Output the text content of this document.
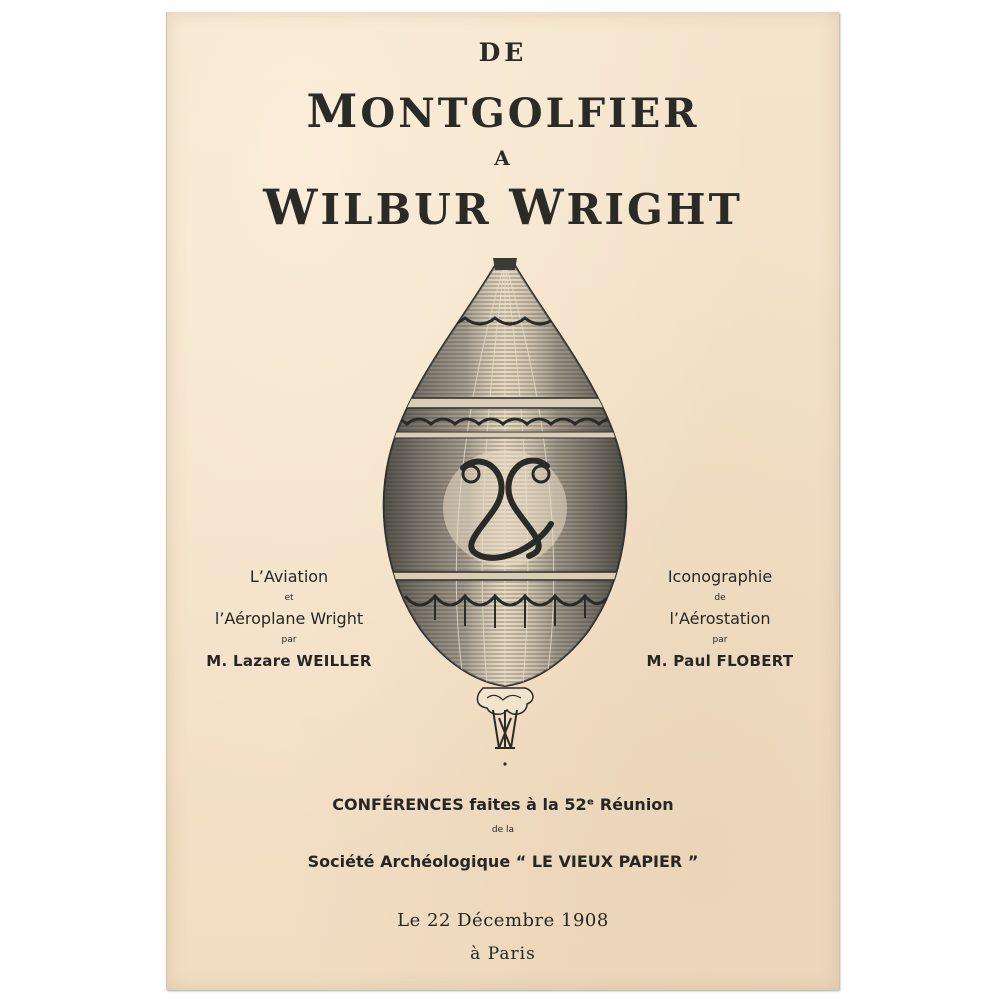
DE
MONTGOLFIER
A
WILBUR WRIGHT
L’Aviation
et
l’Aéroplane Wright
par
M. Lazare WEILLER
Iconographie
de
l’Aérostation
par
M. Paul FLOBERT
CONFÉRENCES faites à la 52ᵉ Réunion
de la
Société Archéologique “ LE VIEUX PAPIER ”
Le 22 Décembre 1908
à Paris
